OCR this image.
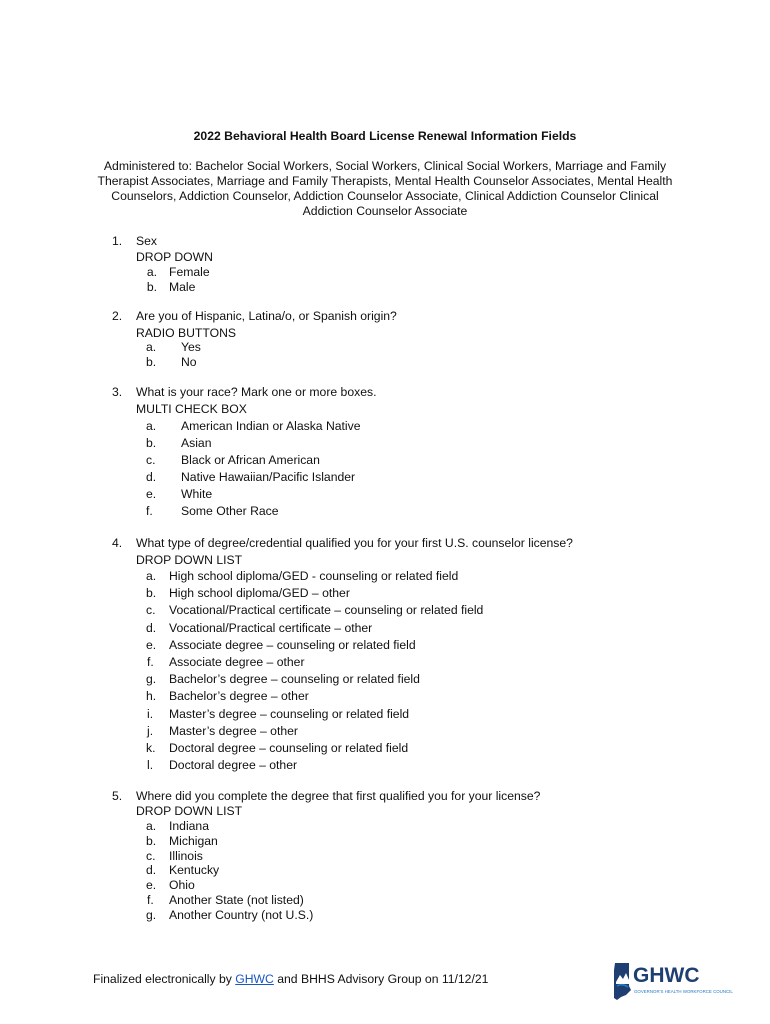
2022 Behavioral Health Board License Renewal Information Fields
Administered to: Bachelor Social Workers, Social Workers, Clinical Social Workers, Marriage and Family Therapist Associates, Marriage and Family Therapists, Mental Health Counselor Associates, Mental Health Counselors, Addiction Counselor, Addiction Counselor Associate, Clinical Addiction Counselor Clinical Addiction Counselor Associate
1. Sex
DROP DOWN
a. Female
b. Male
2. Are you of Hispanic, Latina/o, or Spanish origin?
RADIO BUTTONS
a. Yes
b. No
3. What is your race? Mark one or more boxes.
MULTI CHECK BOX
a. American Indian or Alaska Native
b. Asian
c. Black or African American
d. Native Hawaiian/Pacific Islander
e. White
f. Some Other Race
4. What type of degree/credential qualified you for your first U.S. counselor license?
DROP DOWN LIST
a. High school diploma/GED - counseling or related field
b. High school diploma/GED – other
c. Vocational/Practical certificate – counseling or related field
d. Vocational/Practical certificate – other
e. Associate degree – counseling or related field
f. Associate degree – other
g. Bachelor’s degree – counseling or related field
h. Bachelor’s degree – other
i. Master’s degree – counseling or related field
j. Master’s degree – other
k. Doctoral degree – counseling or related field
l. Doctoral degree – other
5. Where did you complete the degree that first qualified you for your license?
DROP DOWN LIST
a. Indiana
b. Michigan
c. Illinois
d. Kentucky
e. Ohio
f. Another State (not listed)
g. Another Country (not U.S.)
Finalized electronically by GHWC and BHHS Advisory Group on 11/12/21	GHWC
GOVERNOR'S HEALTH WORKFORCE COUNCIL
